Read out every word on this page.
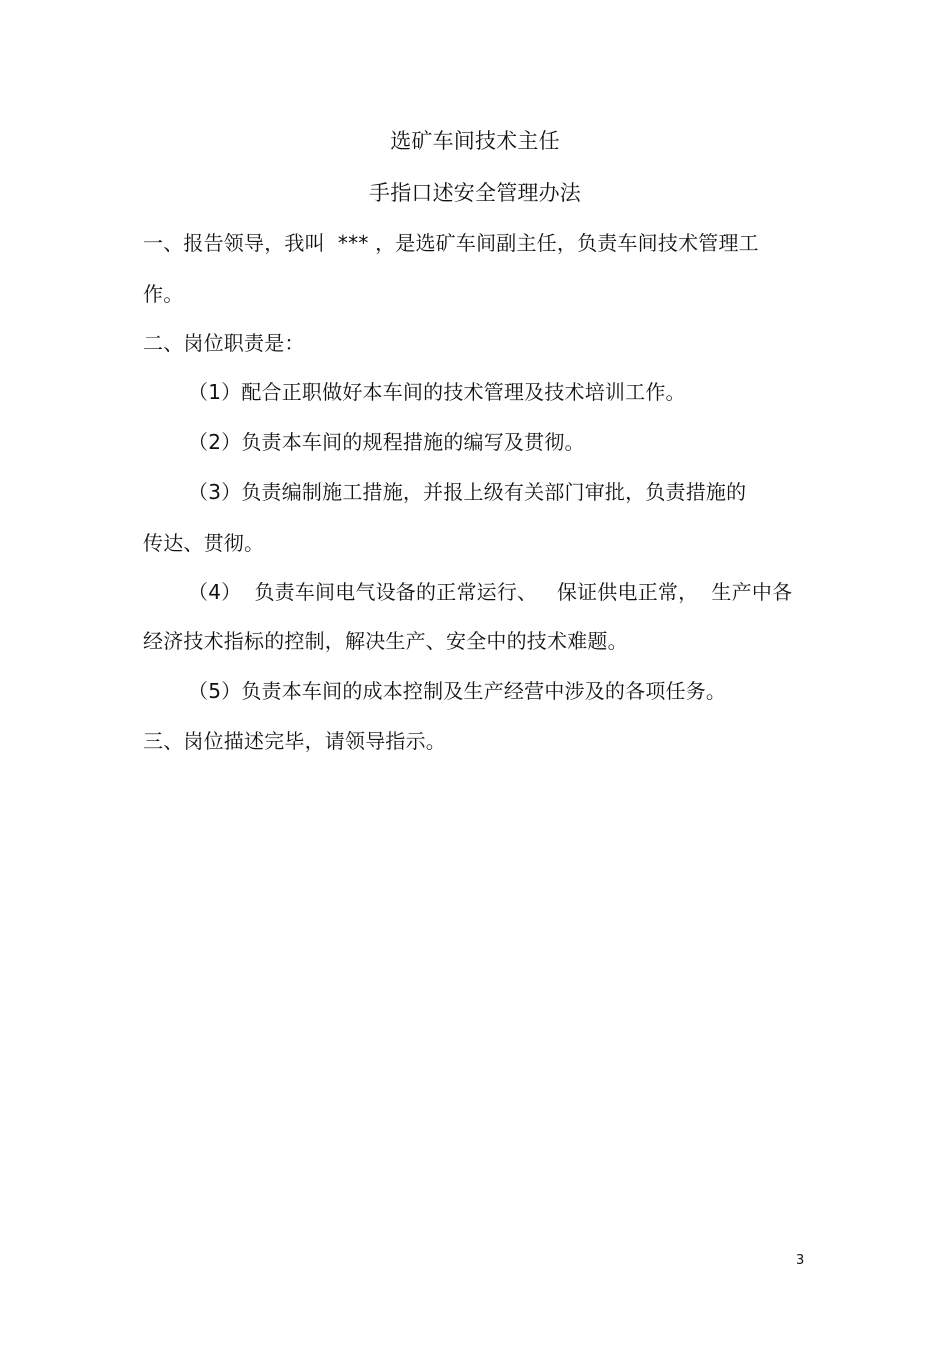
选矿车间技术主任
手指口述安全管理办法
一、报告领导，我叫  *** ，是选矿车间副主任，负责车间技术管理工
作。
二、岗位职责是：
（1）配合正职做好本车间的技术管理及技术培训工作。
（2）负责本车间的规程措施的编写及贯彻。
（3）负责编制施工措施，并报上级有关部门审批，负责措施的
传达、贯彻。
（4）  负责车间电气设备的正常运行、   保证供电正常，  生产中各
经济技术指标的控制，解决生产、安全中的技术难题。
（5）负责本车间的成本控制及生产经营中涉及的各项任务。
三、岗位描述完毕，请领导指示。
3
